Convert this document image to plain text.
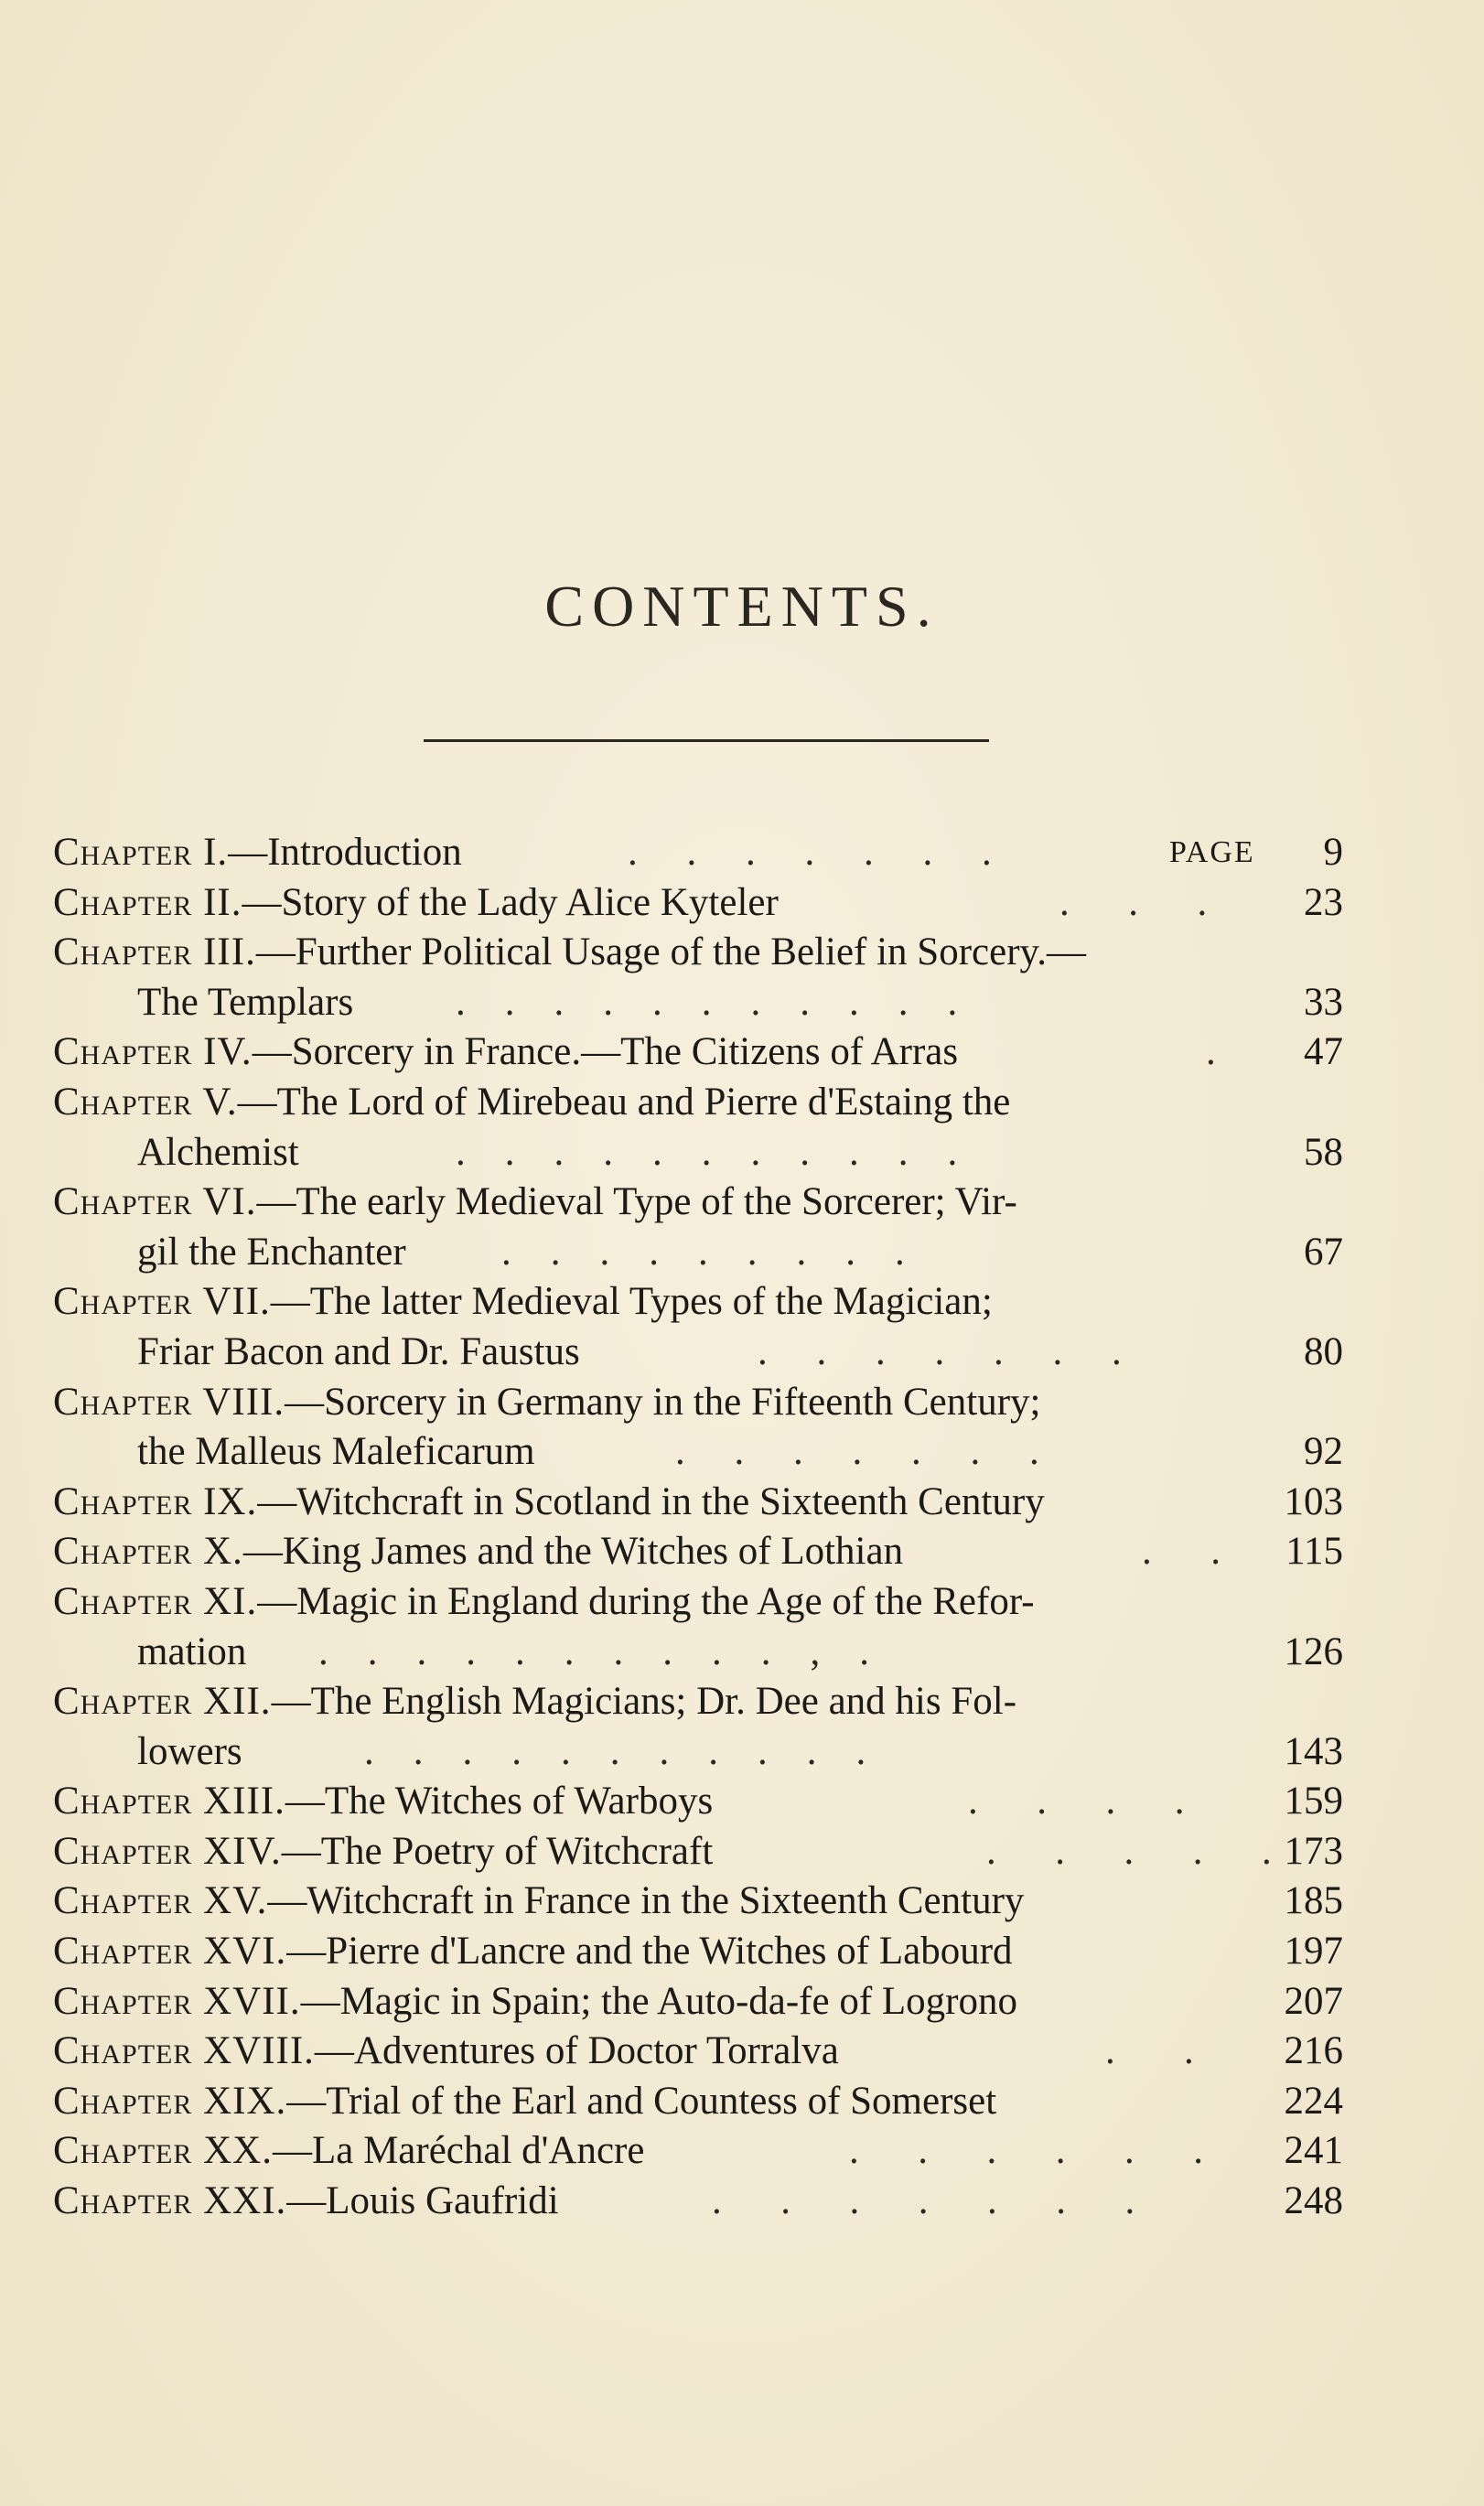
CONTENTS.
Chapter I.—Introduction	.     .     .     .     .     .     .	PAGE	9
Chapter II.—Story of the Lady Alice Kyteler	.      .      .	23
Chapter III.—Further Political Usage of the Belief in Sorcery.—
The Templars	.    .    .    .    .    .    .    .    .    .    .	33
Chapter IV.—Sorcery in France.—The Citizens of Arras	.	47
Chapter V.—The Lord of Mirebeau and Pierre d'Estaing the
Alchemist	.    .    .    .    .    .    .    .    .    .    .	58
Chapter VI.—The early Medieval Type of the Sorcerer; Vir-
gil the Enchanter .    .    .    .    .    .    .    .    .	67
Chapter VII.—The latter Medieval Types of the Magician;
Friar Bacon and Dr. Faustus	.     .     .     .     .     .     .	80
Chapter VIII.—Sorcery in Germany in the Fifteenth Century;
the Malleus Maleficarum	.     .     .     .     .     .     .	92
Chapter IX.—Witchcraft in Scotland in the Sixteenth Century	103
Chapter X.—King James and the Witches of Lothian	.      .	115
Chapter XI.—Magic in England during the Age of the Refor-
mation .    .    .    .    .    .    .    .    .    .    ,    .	126
Chapter XII.—The English Magicians; Dr. Dee and his Fol-
lowers	.    .    .    .    .    .    .    .    .    .    .	143
Chapter XIII.—The Witches of Warboys	.      .      .      .	159
Chapter XIV.—The Poetry of Witchcraft	.      .      .      .      . 173
Chapter XV.—Witchcraft in France in the Sixteenth Century	185
Chapter XVI.—Pierre d'Lancre and the Witches of Labourd	197
Chapter XVII.—Magic in Spain; the Auto-da-fe of Logrono	207
Chapter XVIII.—Adventures of Doctor Torralva	.       .	216
Chapter XIX.—Trial of the Earl and Countess of Somerset	224
Chapter XX.—La Maréchal d'Ancre	.      .      .      .      .      .	241
Chapter XXI.—Louis Gaufridi	.      .      .      .      .      .      .	248
